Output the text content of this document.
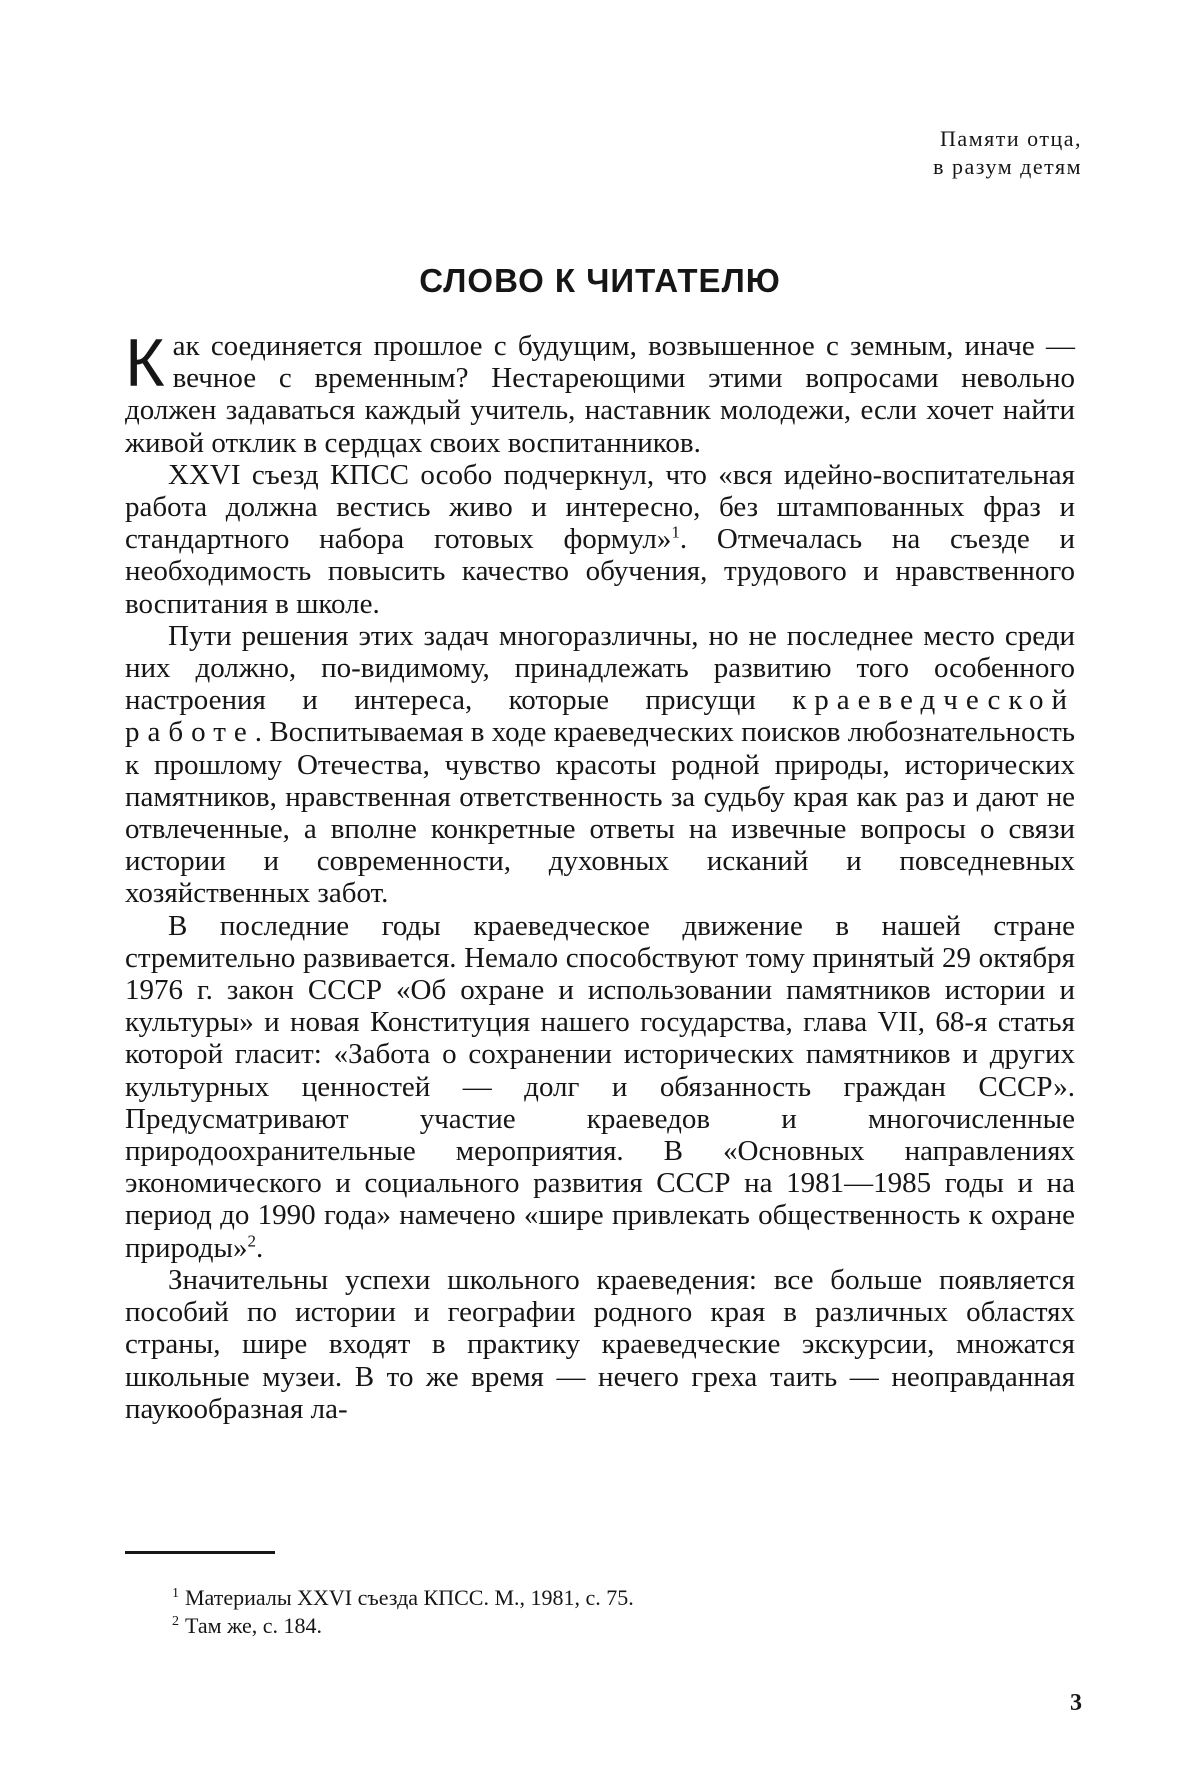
Памяти отца,
в разум детям
СЛОВО К ЧИТАТЕЛЮ

Как соединяется прошлое с будущим, возвышенное с земным, иначе — вечное с временным? Нестареющими этими вопросами невольно должен задаваться каждый учитель, наставник молодежи, если хочет найти живой отклик в сердцах своих воспитанников.

XXVI съезд КПСС особо подчеркнул, что «вся идейно-воспитательная работа должна вестись живо и интересно, без штампованных фраз и стандартного набора готовых формул»$^1$. Отмечалась на съезде и необходимость повысить качество обучения, трудового и нравственного воспитания в школе.

Пути решения этих задач многоразличны, но не последнее место среди них должно, по-видимому, принадлежать развитию того особенного настроения и интереса, которые присущи краеведческой работе. Воспитываемая в ходе краеведческих поисков любознательность к прошлому Отечества, чувство красоты родной природы, исторических памятников, нравственная ответственность за судьбу края как раз и дают не отвлеченные, а вполне конкретные ответы на извечные вопросы о связи истории и современности, духовных исканий и повседневных хозяйственных забот.

В последние годы краеведческое движение в нашей стране стремительно развивается. Немало способствуют тому принятый 29 октября 1976 г. закон СССР «Об охране и использовании памятников истории и культуры» и новая Конституция нашего государства, глава VII, 68-я статья которой гласит: «Забота о сохранении исторических памятников и других культурных ценностей — долг и обязанность граждан СССР». Предусматривают участие краеведов и многочисленные природоохранительные мероприятия. В «Основных направлениях экономического и социального развития СССР на 1981—1985 годы и на период до 1990 года» намечено «шире привлекать общественность к охране природы»$^2$.

Значительны успехи школьного краеведения: все больше появляется пособий по истории и географии родного края в различных областях страны, шире входят в практику краеведческие экскурсии, множатся школьные музеи. В то же время — нечего греха таить — неоправданная паукообразная ла-

$^1$ Материалы XXVI съезда КПСС. М., 1981, с. 75.
$^2$ Там же, с. 184.
3
